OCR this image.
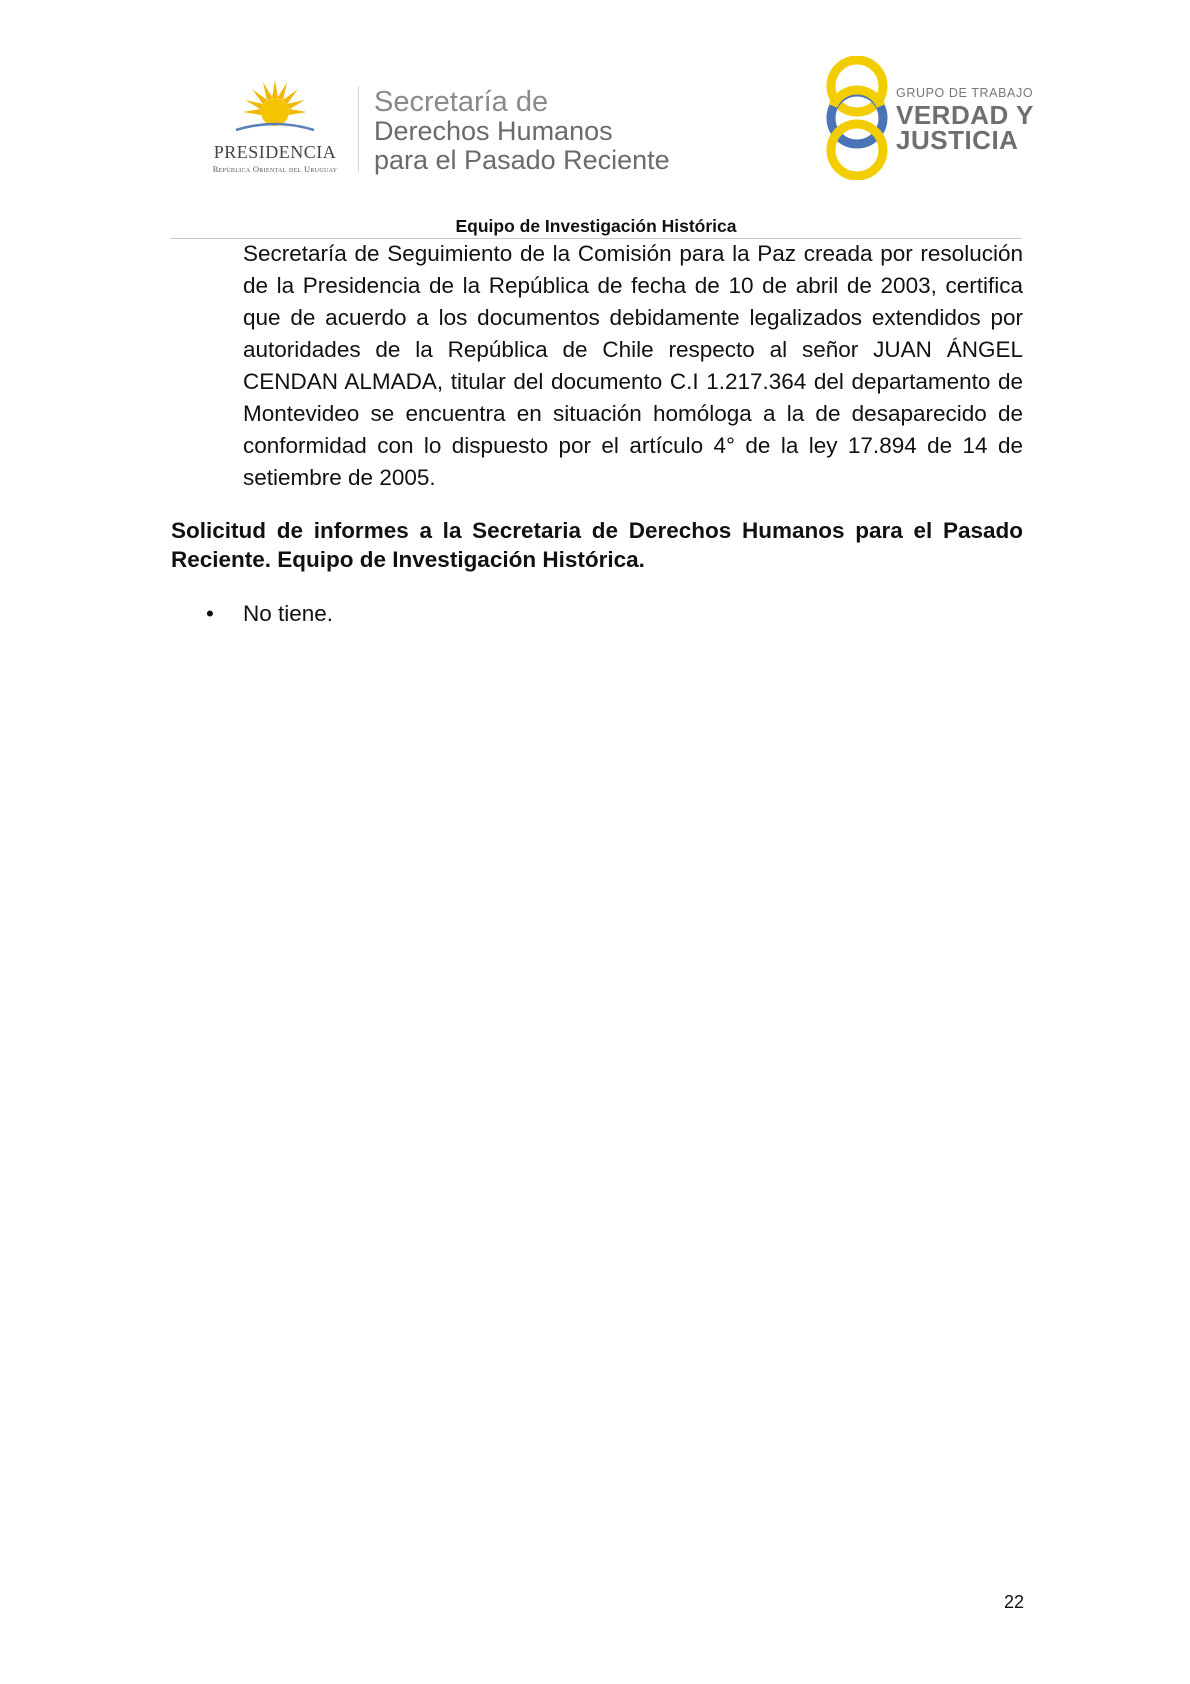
PRESIDENCIA
República Oriental del Uruguay
Secretaría de
Derechos Humanos
para el Pasado Reciente
GRUPO DE TRABAJO
VERDAD Y
JUSTICIA
Equipo de Investigación Histórica
Secretaría de Seguimiento de la Comisión para la Paz creada por resolución de la Presidencia de la República de fecha de 10 de abril de 2003, certifica que de acuerdo a los documentos debidamente legalizados extendidos por autoridades de la República de Chile respecto al señor JUAN ÁNGEL CENDAN ALMADA, titular del documento C.I 1.217.364 del departamento de Montevideo se encuentra en situación homóloga a la de desaparecido de conformidad con lo dispuesto por el artículo 4° de la ley 17.894 de 14 de setiembre de 2005.
Solicitud de informes a la Secretaria de Derechos Humanos para el Pasado Reciente. Equipo de Investigación Histórica.
• No tiene.
22
